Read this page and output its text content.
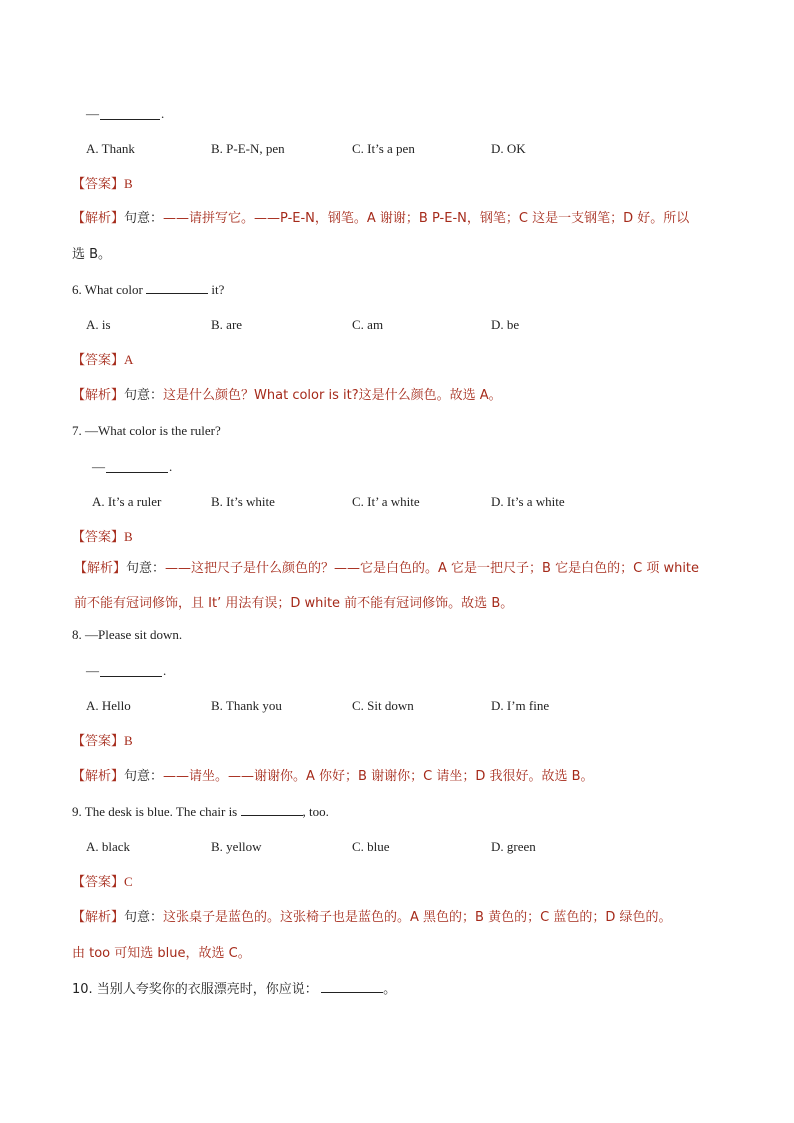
—	.
A. Thank	B. P-E-N, pen	C. It’s a pen	D. OK
【答案】B
【解析】句意：——请拼写它。——P-E-N，钢笔。A 谢谢；B P-E-N，钢笔；C 这是一支钢笔；D 好。所以
选 B。
6. What color	it?
A. is	B. are	C. am	D. be
【答案】A
【解析】句意：这是什么颜色？What color is it?这是什么颜色。故选 A。
7. —What color is the ruler?
—	.
A. It’s a ruler	B. It’s white	C. It’ a white	D. It’s a white
【答案】B
【解析】句意：——这把尺子是什么颜色的？——它是白色的。A 它是一把尺子；B 它是白色的；C 项 white
前不能有冠词修饰，且 It’ 用法有误；D white 前不能有冠词修饰。故选 B。
8. —Please sit down.
—	.
A. Hello	B. Thank you	C. Sit down	D. I’m fine
【答案】B
【解析】句意：——请坐。——谢谢你。A 你好；B 谢谢你；C 请坐；D 我很好。故选 B。
9. The desk is blue. The chair is	, too.
A. black	B. yellow	C. blue	D. green
【答案】C
【解析】句意：这张桌子是蓝色的。这张椅子也是蓝色的。A 黑色的；B 黄色的；C 蓝色的；D 绿色的。
由 too 可知选 blue，故选 C。
10. 当别人夸奖你的衣服漂亮时，你应说：	。
